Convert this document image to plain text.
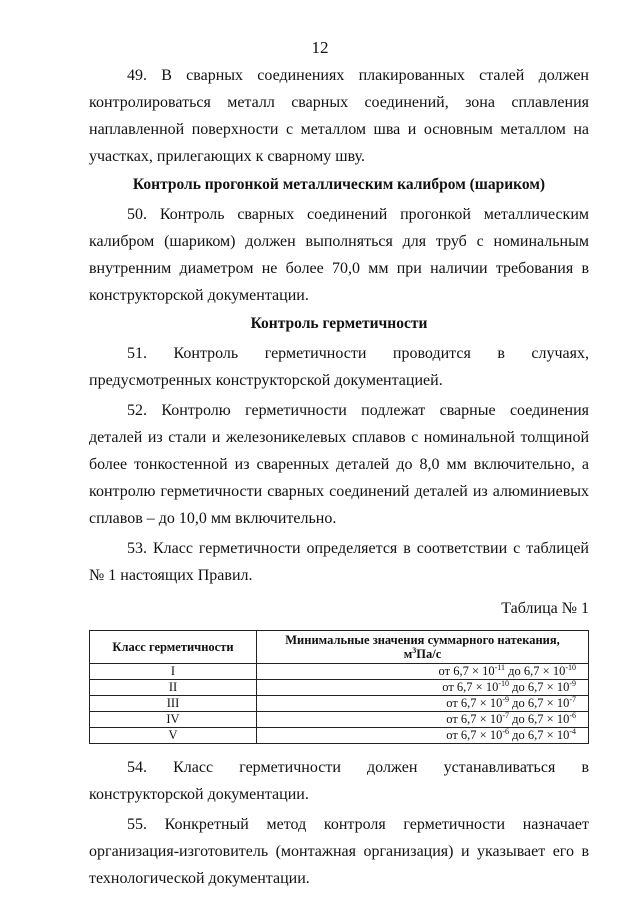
12

49. В сварных соединениях плакированных сталей должен контролироваться металл сварных соединений, зона сплавления наплавленной поверхности с металлом шва и основным металлом на участках, прилегающих к сварному шву.

Контроль прогонкой металлическим калибром (шариком)

50. Контроль сварных соединений прогонкой металлическим калибром (шариком) должен выполняться для труб с номинальным внутренним диаметром не более 70,0 мм при наличии требования в конструкторской документации.

Контроль герметичности

51. Контроль герметичности проводится в случаях, предусмотренных конструкторской документацией.

52. Контролю герметичности подлежат сварные соединения деталей из стали и железоникелевых сплавов с номинальной толщиной более тонкостенной из сваренных деталей до 8,0 мм включительно, а контролю герметичности сварных соединений деталей из алюминиевых сплавов – до 10,0 мм включительно.

53. Класс герметичности определяется в соответствии с таблицей № 1 настоящих Правил.

Таблица № 1

Класс герметичности	Минимальные значения суммарного натекания,
$м^3Па/с$
I	от $6,7 \times 10^{-11}$ до $6,7 \times 10^{-10}$
II	от $6,7 \times 10^{-10}$ до $6,7 \times 10^{-9}$
III	от $6,7 \times 10^{-9}$ до $6,7 \times 10^{-7}$
IV	от $6,7 \times 10^{-7}$ до $6,7 \times 10^{-6}$
V	от $6,7 \times 10^{-6}$ до $6,7 \times 10^{-4}$

54. Класс герметичности должен устанавливаться в конструкторской документации.

55. Конкретный метод контроля герметичности назначает организация-изготовитель (монтажная организация) и указывает его в технологической документации.
